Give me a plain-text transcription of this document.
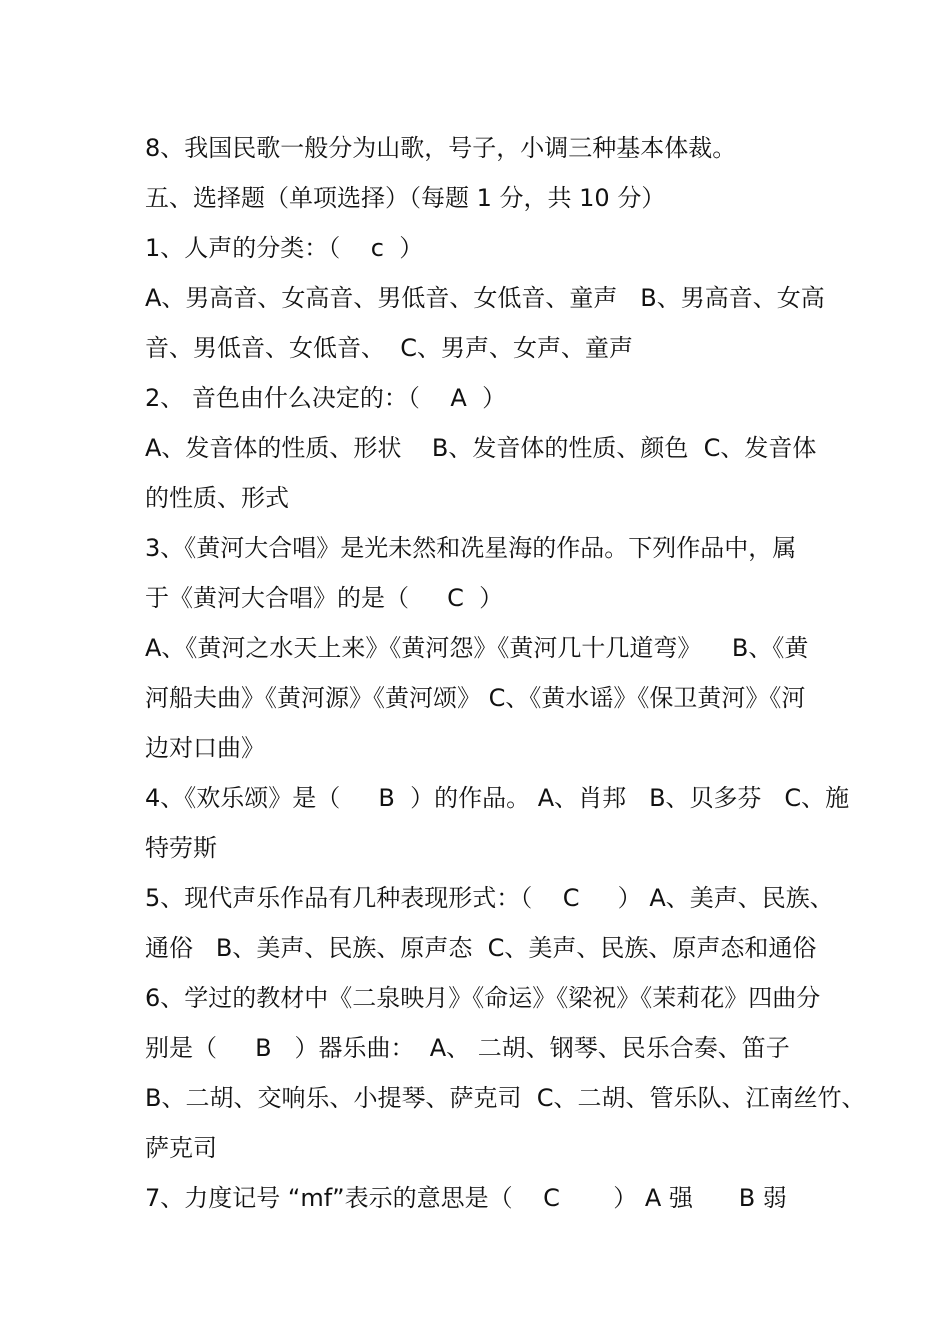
8、我国民歌一般分为山歌，号子，小调三种基本体裁。
五、选择题（单项选择）（每题 1 分，共 10 分）
1、人声的分类：（    c  ）
A、男高音、女高音、男低音、女低音、童声   B、男高音、女高
音、男低音、女低音、  C、男声、女声、童声
2、 音色由什么决定的：（    A  ）
A、发音体的性质、形状    B、发音体的性质、颜色  C、发音体
的性质、形式
3、《黄河大合唱》是光未然和冼星海的作品。下列作品中，属
于《黄河大合唱》的是（     C  ）
A、《黄河之水天上来》《黄河怨》《黄河几十几道弯》    B、《黄
河船夫曲》《黄河源》《黄河颂》 C、《黄水谣》《保卫黄河》《河
边对口曲》
4、《欢乐颂》是（     B  ）的作品。 A、肖邦   B、贝多芬   C、施
特劳斯
5、现代声乐作品有几种表现形式：（    C     ） A、美声、民族、
通俗   B、美声、民族、原声态  C、美声、民族、原声态和通俗
6、学过的教材中《二泉映月》《命运》《梁祝》《茉莉花》四曲分
别是（     B   ）器乐曲：  A、 二胡、钢琴、民乐合奏、笛子
B、二胡、交响乐、小提琴、萨克司  C、二胡、管乐队、江南丝竹、
萨克司
7、力度记号 “mf”表示的意思是（    C       ） A 强      B 弱
